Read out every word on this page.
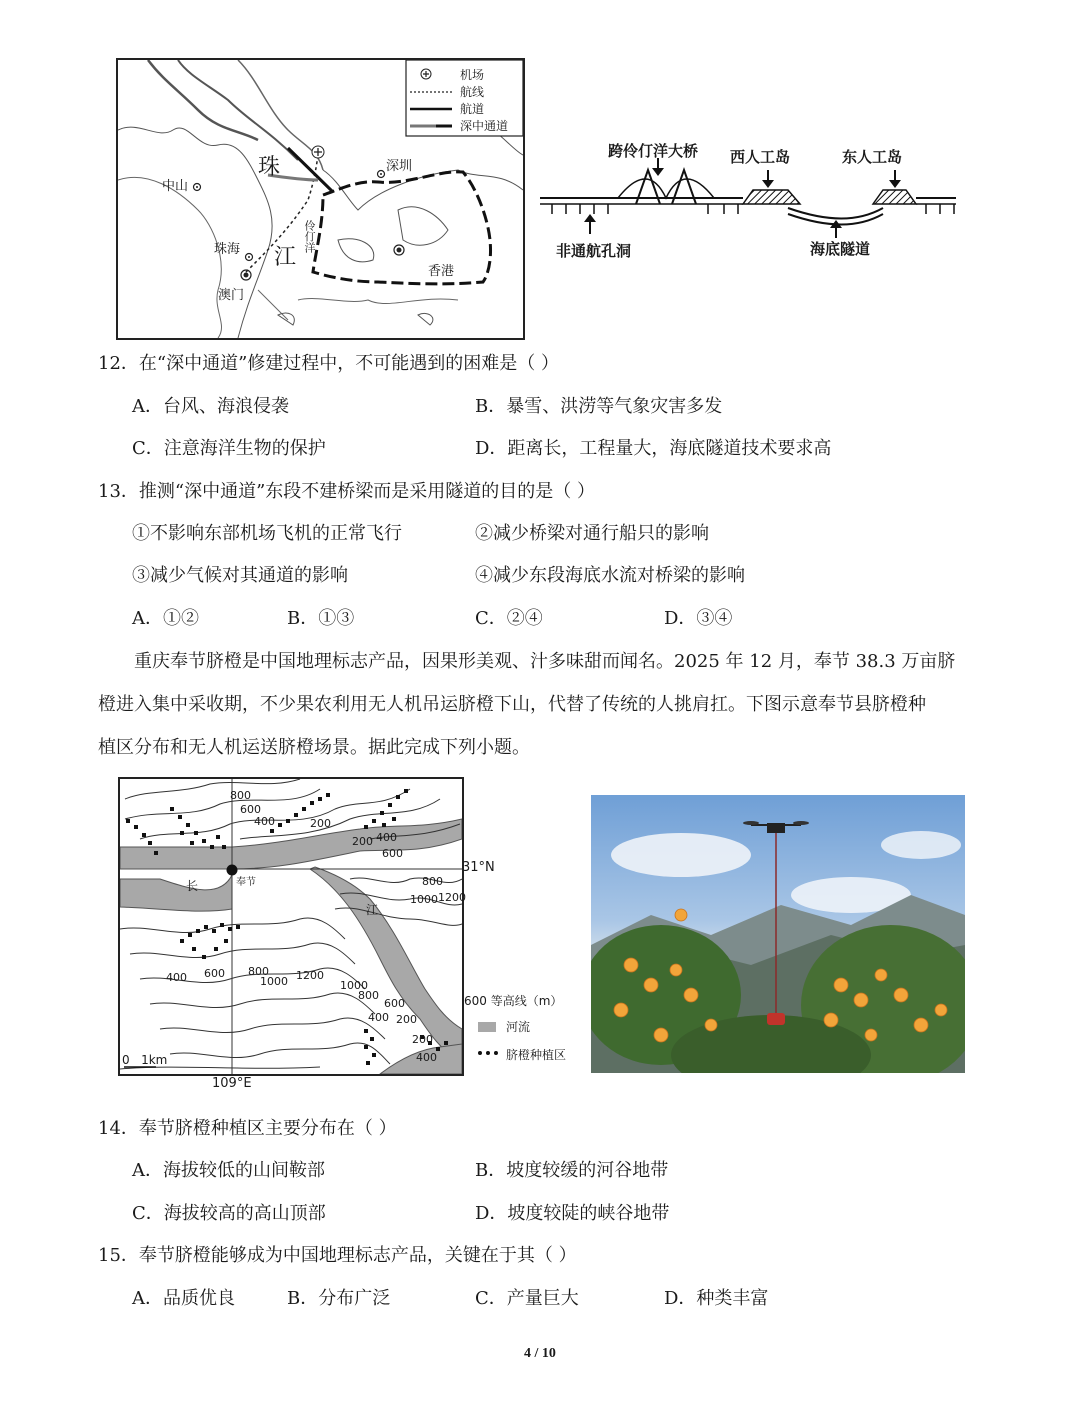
机场
航线
航道
深中通道
珠
江
伶仃洋
中山
深圳
珠海
澳门
香港
跨伶仃洋大桥 西人工岛	东人工岛
非通航孔洞	海底隧道
12．在“深中通道”修建过程中，不可能遇到的困难是（ ）
A．台风、海浪侵袭	B．暴雪、洪涝等气象灾害多发
C．注意海洋生物的保护	D．距离长，工程量大，海底隧道技术要求高
13．推测“深中通道”东段不建桥梁而是采用隧道的目的是（ ）
①不影响东部机场飞机的正常飞行	②减少桥梁对通行船只的影响
③减少气候对其通道的影响	④减少东段海底水流对桥梁的影响
A．①②	B．①③	C．②④	D．③④
重庆奉节脐橙是中国地理标志产品，因果形美观、汁多味甜而闻名。2025 年 12 月，奉节 38.3 万亩脐
橙进入集中采收期，不少果农利用无人机吊运脐橙下山，代替了传统的人挑肩扛。下图示意奉节县脐橙种
植区分布和无人机运送脐橙场景。据此完成下列小题。
800
600
400	200
200 400
600
800
1000 1200
600
400	800
1000 1200
1000
800
600
400 200
200
400
奉节
长
江
0   1km
31°N
109°E
600 等高线（m）
河流
脐橙种植区
14．奉节脐橙种植区主要分布在（ ）
A．海拔较低的山间鞍部	B．坡度较缓的河谷地带
C．海拔较高的高山顶部	D．坡度较陡的峡谷地带
15．奉节脐橙能够成为中国地理标志产品，关键在于其（ ）
A．品质优良	B．分布广泛	C．产量巨大	D．种类丰富
4 / 10
